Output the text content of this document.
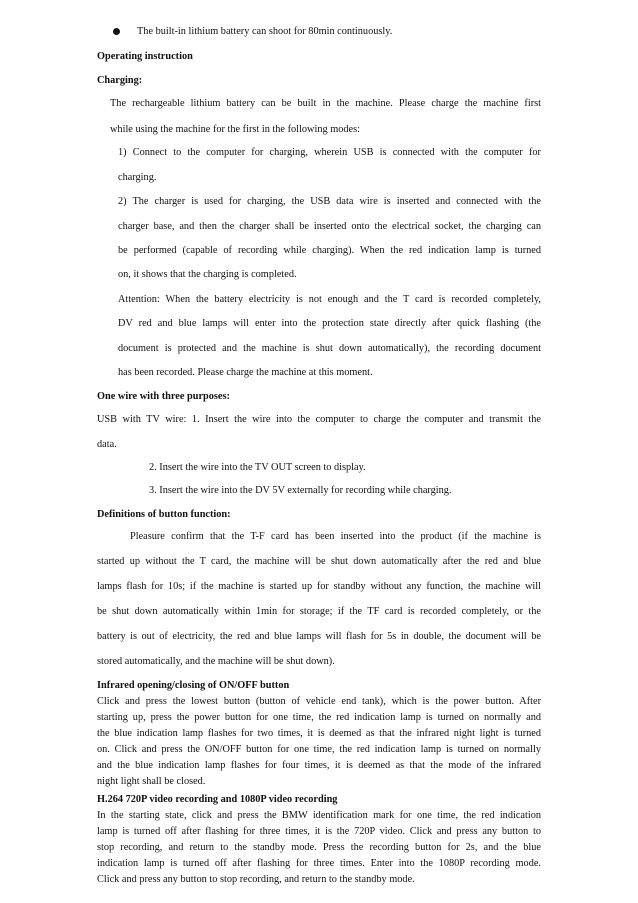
The built-in lithium battery can shoot for 80min continuously.
Operating instruction
Charging:
The rechargeable lithium battery can be built in the machine. Please charge the machine first
while using the machine for the first in the following modes:
1) Connect to the computer for charging, wherein USB is connected with the computer for
charging.
2) The charger is used for charging, the USB data wire is inserted and connected with the
charger base, and then the charger shall be inserted onto the electrical socket, the charging can
be performed (capable of recording while charging). When the red indication lamp is turned
on, it shows that the charging is completed.
Attention: When the battery electricity is not enough and the T card is recorded completely,
DV red and blue lamps will enter into the protection state directly after quick flashing (the
document is protected and the machine is shut down automatically), the recording document
has been recorded. Please charge the machine at this moment.
One wire with three purposes:
USB with TV wire: 1. Insert the wire into the computer to charge the computer and transmit the
data.
2. Insert the wire into the TV OUT screen to display.
3. Insert the wire into the DV 5V externally for recording while charging.
Definitions of button function:
Pleasure confirm that the T-F card has been inserted into the product (if the machine is
started up without the T card, the machine will be shut down automatically after the red and blue
lamps flash for 10s; if the machine is started up for standby without any function, the machine will
be shut down automatically within 1min for storage; if the TF card is recorded completely, or the
battery is out of electricity, the red and blue lamps will flash for 5s in double, the document will be
stored automatically, and the machine will be shut down).
Infrared opening/closing of ON/OFF button
Click and press the lowest button (button of vehicle end tank), which is the power button. After
starting up, press the power button for one time, the red indication lamp is turned on normally and
the blue indication lamp flashes for two times, it is deemed as that the infrared night light is turned
on. Click and press the ON/OFF button for one time, the red indication lamp is turned on normally
and the blue indication lamp flashes for four times, it is deemed as that the mode of the infrared
night light shall be closed.
H.264 720P video recording and 1080P video recording
In the starting state, click and press the BMW identification mark for one time, the red indication
lamp is turned off after flashing for three times, it is the 720P video. Click and press any button to
stop recording, and return to the standby mode. Press the recording button for 2s, and the blue
indication lamp is turned off after flashing for three times. Enter into the 1080P recording mode.
Click and press any button to stop recording, and return to the standby mode.
